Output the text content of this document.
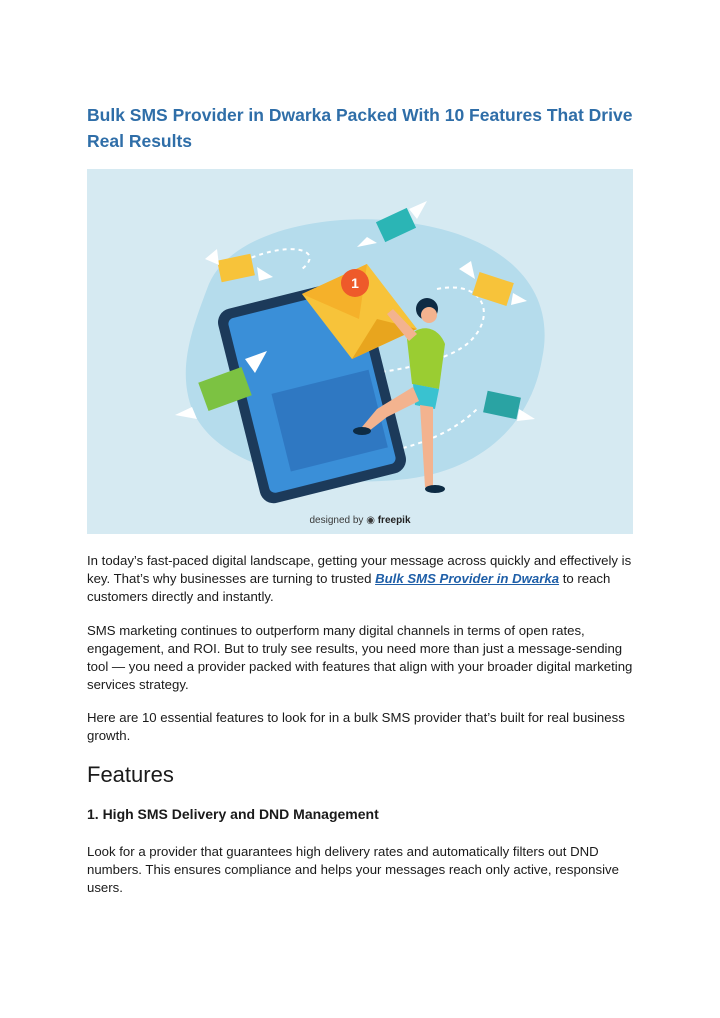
Bulk SMS Provider in Dwarka Packed With 10 Features That Drive Real Results
1
designed by ◉ freepik

In today’s fast-paced digital landscape, getting your message across quickly and effectively is key. That’s why businesses are turning to trusted Bulk SMS Provider in Dwarka to reach customers directly and instantly.

SMS marketing continues to outperform many digital channels in terms of open rates, engagement, and ROI. But to truly see results, you need more than just a message-sending tool — you need a provider packed with features that align with your broader digital marketing services strategy.

Here are 10 essential features to look for in a bulk SMS provider that’s built for real business growth.

Features
1. High SMS Delivery and DND Management

Look for a provider that guarantees high delivery rates and automatically filters out DND numbers. This ensures compliance and helps your messages reach only active, responsive users.
